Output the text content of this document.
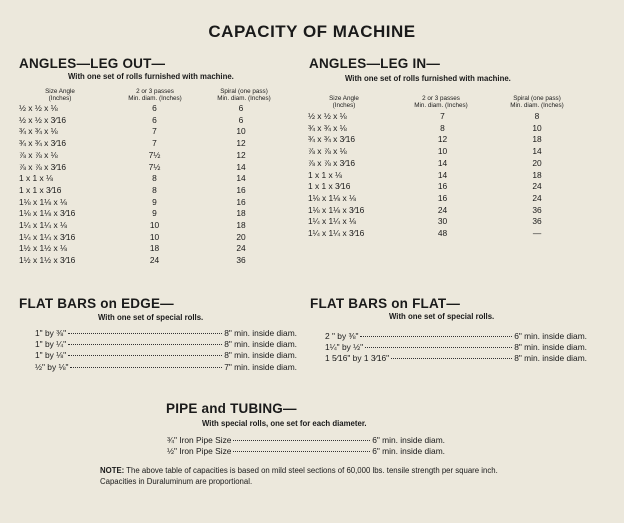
CAPACITY OF MACHINE
ANGLES—LEG OUT—
With one set of rolls furnished with machine.
Size Angle
(Inches)
2 or 3 passes
Min. diam. (Inches)
Spiral (one pass)
Min. diam. (Inches)
½ x ½ x ⅛	6	6
½ x ½ x 3⁄16	6	6
¾ x ¾ x ⅛	7	10
¾ x ¾ x 3⁄16	7	12
⅞ x ⅞ x ⅛	7½	12
⅞ x ⅞ x 3⁄16	7½	14
1 x 1 x ⅛	8	14
1 x 1 x 3⁄16	8	16
1⅛ x 1⅛ x ⅛	9	16
1⅛ x 1⅛ x 3⁄16	9	18
1¼ x 1¼ x ⅛	10	18
1¼ x 1¼ x 3⁄16	10	20
1½ x 1½ x ⅛	18	24
1½ x 1½ x 3⁄16	24	36
ANGLES—LEG IN—
With one set of rolls furnished with machine.
Size Angle
(Inches)
2 or 3 passes
Min. diam. (Inches)
Spiral (one pass)
Min. diam. (Inches)
½ x ½ x ⅛	7	8
¾ x ¾ x ⅛	8	10
¾ x ¾ x 3⁄16	12	18
⅞ x ⅞ x ⅛	10	14
⅞ x ⅞ x 3⁄16	14	20
1 x 1 x ⅛	14	18
1 x 1 x 3⁄16	16	24
1⅛ x 1⅛ x ⅛	16	24
1⅛ x 1⅛ x 3⁄16	24	36
1¼ x 1¼ x ⅛	30	36
1¼ x 1¼ x 3⁄16	48	—
FLAT BARS on EDGE—
With one set of special rolls.
1" by ⅜"	8" min. inside diam.
1" by ¼"	8" min. inside diam.
1" by ⅛"	8" min. inside diam.
½" by ⅛"	7" min. inside diam.
FLAT BARS on FLAT—
With one set of special rolls.
2 " by ⅜"	6" min. inside diam.
1¼" by ½"	8" min. inside diam.
1 5⁄16" by 1 3⁄16"	8" min. inside diam.
PIPE and TUBING—
With special rolls, one set for each diameter.
¾" Iron Pipe Size	6" min. inside diam.
½" Iron Pipe Size	6" min. inside diam.
NOTE: The above table of capacities is based on mild steel sections of 60,000 lbs. tensile strength per square inch. Capacities in Duraluminum are proportional.
